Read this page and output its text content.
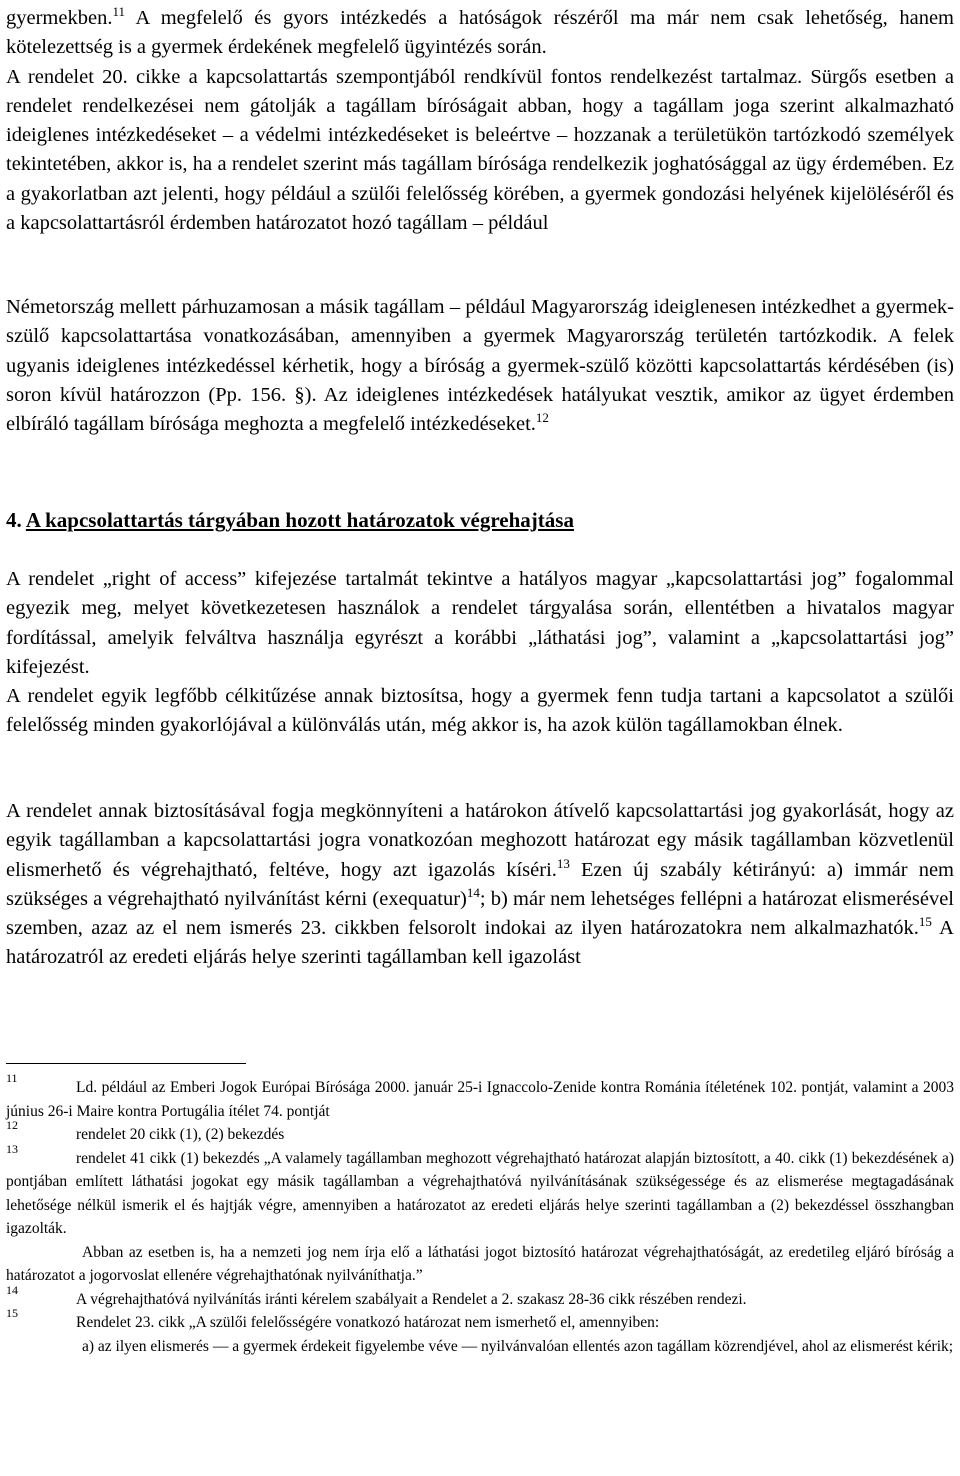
gyermekben.$^{11}$ A megfelelő és gyors intézkedés a hatóságok részéről ma már nem csak lehetőség, hanem kötelezettség is a gyermek érdekének megfelelő ügyintézés során.

A rendelet 20. cikke a kapcsolattartás szempontjából rendkívül fontos rendelkezést tartalmaz. Sürgős esetben a rendelet rendelkezései nem gátolják a tagállam bíróságait abban, hogy a tagállam joga szerint alkalmazható ideiglenes intézkedéseket – a védelmi intézkedéseket is beleértve – hozzanak a területükön tartózkodó személyek tekintetében, akkor is, ha a rendelet szerint más tagállam bírósága rendelkezik joghatósággal az ügy érdemében. Ez a gyakorlatban azt jelenti, hogy például a szülői felelősség körében, a gyermek gondozási helyének kijelöléséről és a kapcsolattartásról érdemben határozatot hozó tagállam – például

Németország mellett párhuzamosan a másik tagállam – például Magyarország ideiglenesen intézkedhet a gyermek-szülő kapcsolattartása vonatkozásában, amennyiben a gyermek Magyarország területén tartózkodik. A felek ugyanis ideiglenes intézkedéssel kérhetik, hogy a bíróság a gyermek-szülő közötti kapcsolattartás kérdésében (is) soron kívül határozzon (Pp. 156. §). Az ideiglenes intézkedések hatályukat vesztik, amikor az ügyet érdemben elbíráló tagállam bírósága meghozta a megfelelő intézkedéseket.$^{12}$

4. A kapcsolattartás tárgyában hozott határozatok végrehajtása

A rendelet „right of access” kifejezése tartalmát tekintve a hatályos magyar „kapcsolattartási jog” fogalommal egyezik meg, melyet következetesen használok a rendelet tárgyalása során, ellentétben a hivatalos magyar fordítással, amelyik felváltva használja egyrészt a korábbi „láthatási jog”, valamint a „kapcsolattartási jog” kifejezést.

A rendelet egyik legfőbb célkitűzése annak biztosítsa, hogy a gyermek fenn tudja tartani a kapcsolatot a szülői felelősség minden gyakorlójával a különválás után, még akkor is, ha azok külön tagállamokban élnek.

A rendelet annak biztosításával fogja megkönnyíteni a határokon átívelő kapcsolattartási jog gyakorlását, hogy az egyik tagállamban a kapcsolattartási jogra vonatkozóan meghozott határozat egy másik tagállamban közvetlenül elismerhető és végrehajtható, feltéve, hogy azt igazolás kíséri.$^{13}$ Ezen új szabály kétirányú: a) immár nem szükséges a végrehajtható nyilvánítást kérni (exequatur)$^{14}$; b) már nem lehetséges fellépni a határozat elismerésével szemben, azaz az el nem ismerés 23. cikkben felsorolt indokai az ilyen határozatokra nem alkalmazhatók.$^{15}$ A határozatról az eredeti eljárás helye szerinti tagállamban kell igazolást

11Ld. például az Emberi Jogok Európai Bírósága 2000. január 25-i Ignaccolo-Zenide kontra Románia ítéletének 102. pontját, valamint a 2003 június 26-i Maire kontra Portugália ítélet 74. pontját

12rendelet 20 cikk (1), (2) bekezdés

13rendelet 41 cikk (1) bekezdés „A valamely tagállamban meghozott végrehajtható határozat alapján biztosított, a 40. cikk (1) bekezdésének a) pontjában említett láthatási jogokat egy másik tagállamban a végrehajthatóvá nyilvánításának szükségessége és az elismerése megtagadásának lehetősége nélkül ismerik el és hajtják végre, amennyiben a határozatot az eredeti eljárás helye szerinti tagállamban a (2) bekezdéssel összhangban igazolták.

Abban az esetben is, ha a nemzeti jog nem írja elő a láthatási jogot biztosító határozat végrehajthatóságát, az eredetileg eljáró bíróság a határozatot a jogorvoslat ellenére végrehajthatónak nyilváníthatja.”

14A végrehajthatóvá nyilvánítás iránti kérelem szabályait a Rendelet a 2. szakasz 28-36 cikk részében rendezi.

15Rendelet 23. cikk „A szülői felelősségére vonatkozó határozat nem ismerhető el, amennyiben:

a) az ilyen elismerés –– a gyermek érdekeit figyelembe véve –– nyilvánvalóan ellentés azon tagállam közrendjével, ahol az elismerést kérik;
